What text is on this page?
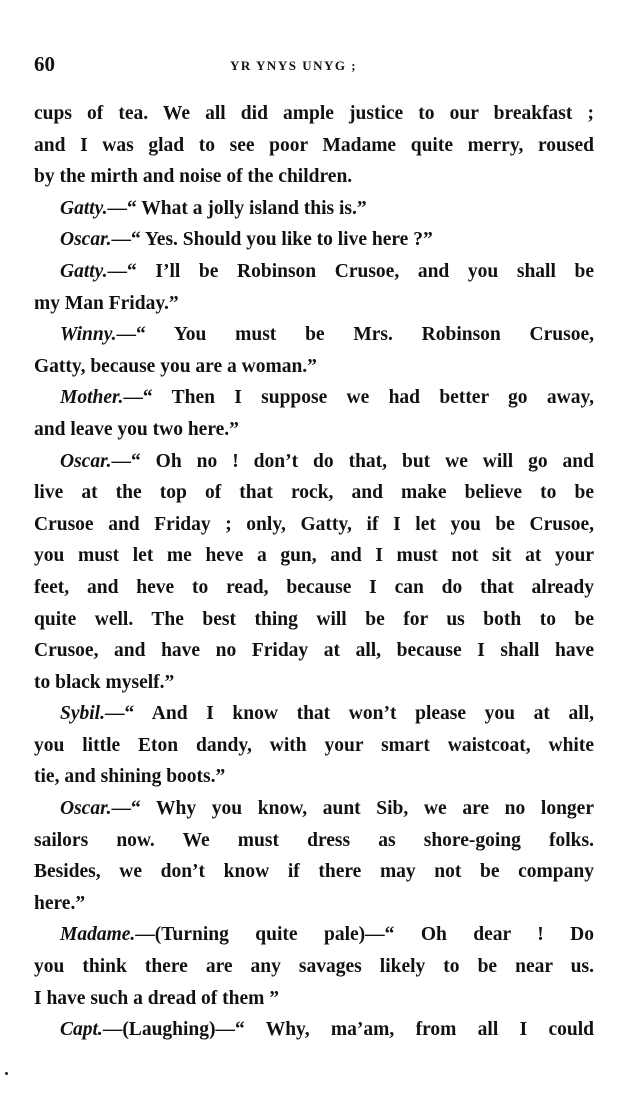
60	YR YNYS UNYG ;
cups of tea. We all did ample justice to our breakfast ;
and I was glad to see poor Madame quite merry, roused
by the mirth and noise of the children.
Gatty.—“ What a jolly island this is.”
Oscar.—“ Yes. Should you like to live here ?”
Gatty.—“ I’ll be Robinson Crusoe, and you shall be
my Man Friday.”
Winny.—“ You must be Mrs. Robinson Crusoe,
Gatty, because you are a woman.”
Mother.—“ Then I suppose we had better go away,
and leave you two here.”
Oscar.—“ Oh no ! don’t do that, but we will go and
live at the top of that rock, and make believe to be
Crusoe and Friday ; only, Gatty, if I let you be Crusoe,
you must let me heve a gun, and I must not sit at your
feet, and heve to read, because I can do that already
quite well. The best thing will be for us both to be
Crusoe, and have no Friday at all, because I shall have
to black myself.”
Sybil.—“ And I know that won’t please you at all,
you little Eton dandy, with your smart waistcoat, white
tie, and shining boots.”
Oscar.—“ Why you know, aunt Sib, we are no longer
sailors now. We must dress as shore-going folks.
Besides, we don’t know if there may not be company
here.”
Madame.—(Turning quite pale)—“ Oh dear ! Do
you think there are any savages likely to be near us.
I have such a dread of them ”
Capt.—(Laughing)—“ Why, ma’am, from all I could
